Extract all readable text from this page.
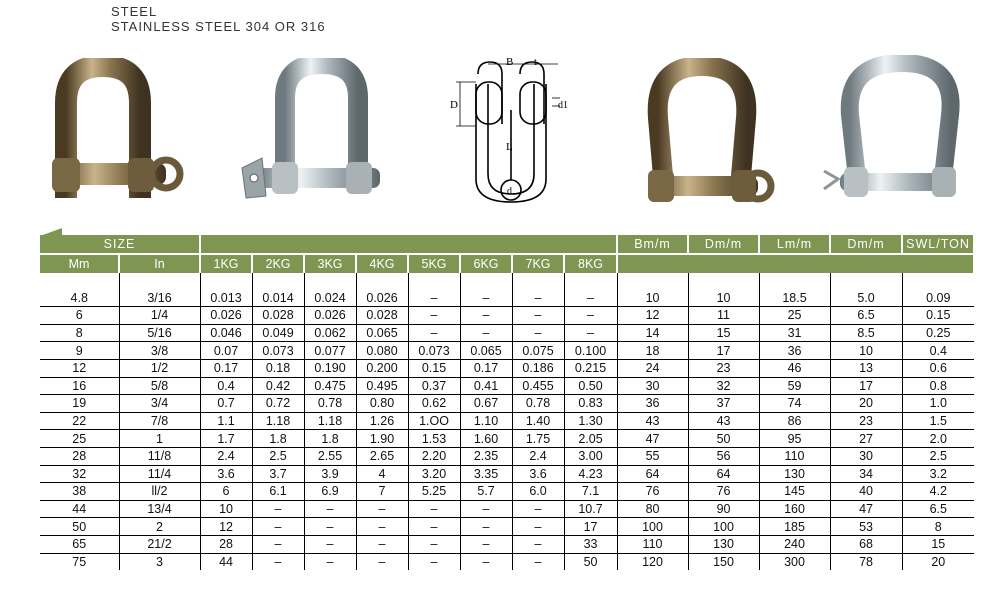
STEEL
STAINLESS STEEL 304 OR 316
B t
D	d1
L
d
SIZE										Bm/m	Dm/m	Lm/m	Dm/m	SWL/TON
Mm	In	1KG	2KG	3KG	4KG	5KG	6KG	7KG	8KG					

4.8	3/16	0.013	0.014	0.024	0.026	–	–	–	–	10	10	18.5	5.0	0.09
6	1/4	0.026	0.028	0.026	0.028	–	–	–	–	12	11	25	6.5	0.15
8	5/16	0.046	0.049	0.062	0.065	–	–	–	–	14	15	31	8.5	0.25
9	3/8	0.07	0.073	0.077	0.080	0.073	0.065	0.075	0.100	18	17	36	10	0.4
12	1/2	0.17	0.18	0.190	0.200	0.15	0.17	0.186	0.215	24	23	46	13	0.6
16	5/8	0.4	0.42	0.475	0.495	0.37	0.41	0.455	0.50	30	32	59	17	0.8
19	3/4	0.7	0.72	0.78	0.80	0.62	0.67	0.78	0.83	36	37	74	20	1.0
22	7/8	1.1	1.18	1.18	1.26	1.OO	1.10	1.40	1.30	43	43	86	23	1.5
25	1	1.7	1.8	1.8	1.90	1.53	1.60	1.75	2.05	47	50	95	27	2.0
28	11/8	2.4	2.5	2.55	2.65	2.20	2.35	2.4	3.00	55	56	110	30	2.5
32	11/4	3.6	3.7	3.9	4	3.20	3.35	3.6	4.23	64	64	130	34	3.2
38	ll/2	6	6.1	6.9	7	5.25	5.7	6.0	7.1	76	76	145	40	4.2
44	13/4	10	–	–	–	–	–	–	10.7	80	90	160	47	6.5
50	2	12	–	–	–	–	–	–	17	100	100	185	53	8
65	21/2	28	–	–	–	–	–	–	33	110	130	240	68	15
75	3	44	–	–	–	–	–	–	50	120	150	300	78	20
